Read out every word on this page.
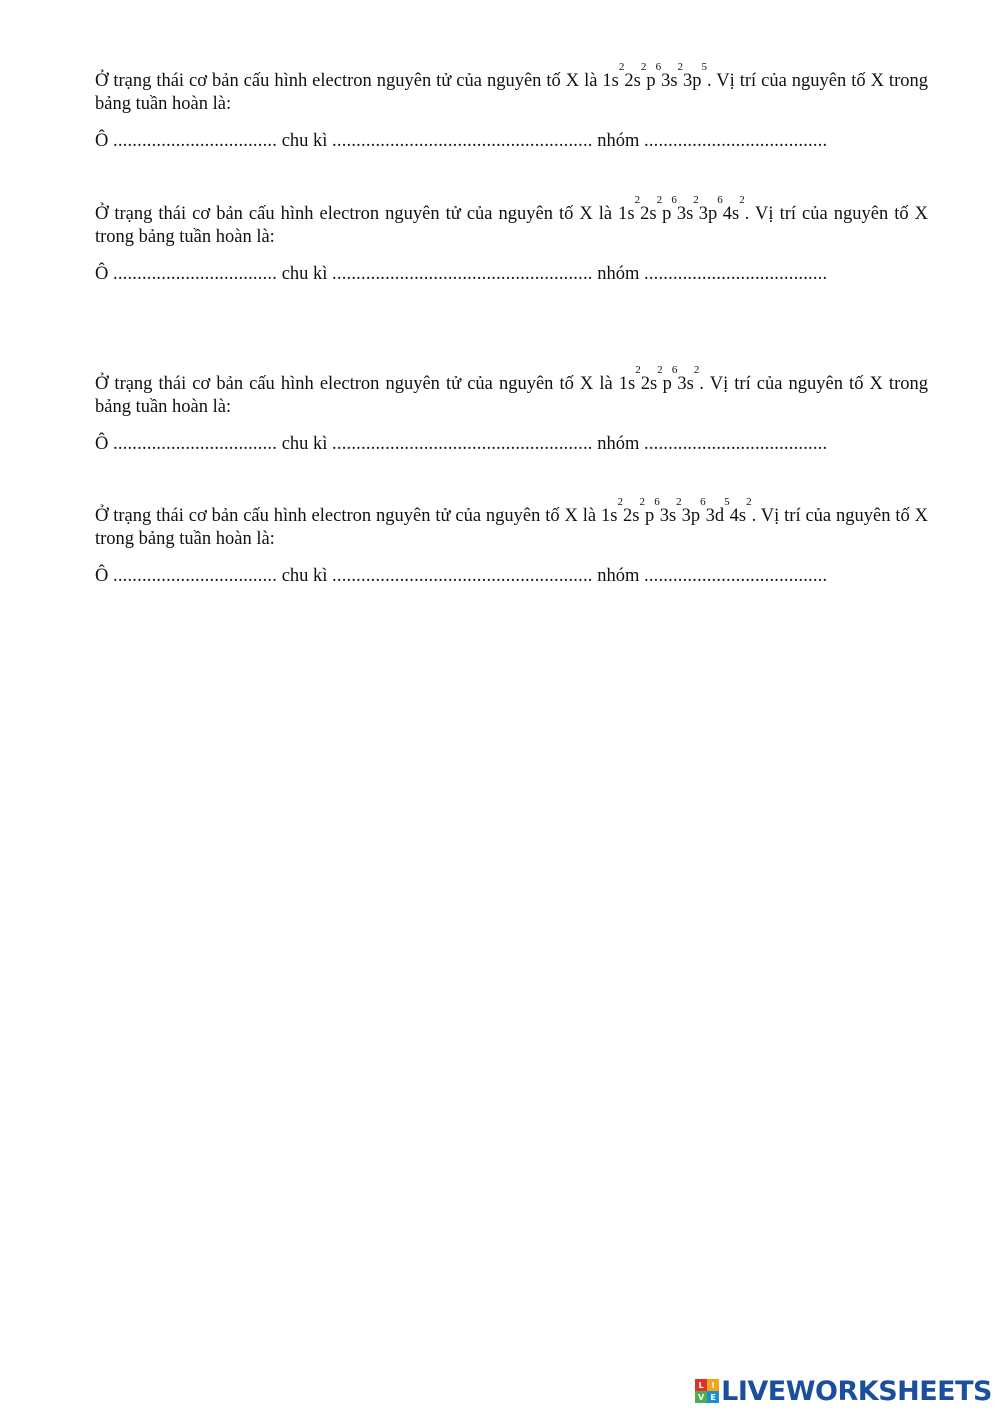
Ở trạng thái cơ bản cấu hình electron nguyên tử của nguyên tố X là $1s^22s^2p^63s^23p^5$. Vị trí của nguyên tố X trong bảng tuần hoàn là:

Ô .................................. chu kì ...................................................... nhóm ......................................

Ở trạng thái cơ bản cấu hình electron nguyên tử của nguyên tố X là $1s^22s^2p^63s^23p^64s^2$. Vị trí của nguyên tố X trong bảng tuần hoàn là:

Ô .................................. chu kì ...................................................... nhóm ......................................

Ở trạng thái cơ bản cấu hình electron nguyên tử của nguyên tố X là $1s^22s^2p^63s^2$. Vị trí của nguyên tố X trong bảng tuần hoàn là:

Ô .................................. chu kì ...................................................... nhóm ......................................

Ở trạng thái cơ bản cấu hình electron nguyên tử của nguyên tố X là $1s^22s^2p^63s^23p^63d^54s^2$. Vị trí của nguyên tố X trong bảng tuần hoàn là:

Ô .................................. chu kì ...................................................... nhóm ......................................
L I
V E LIVEWORKSHEETS
